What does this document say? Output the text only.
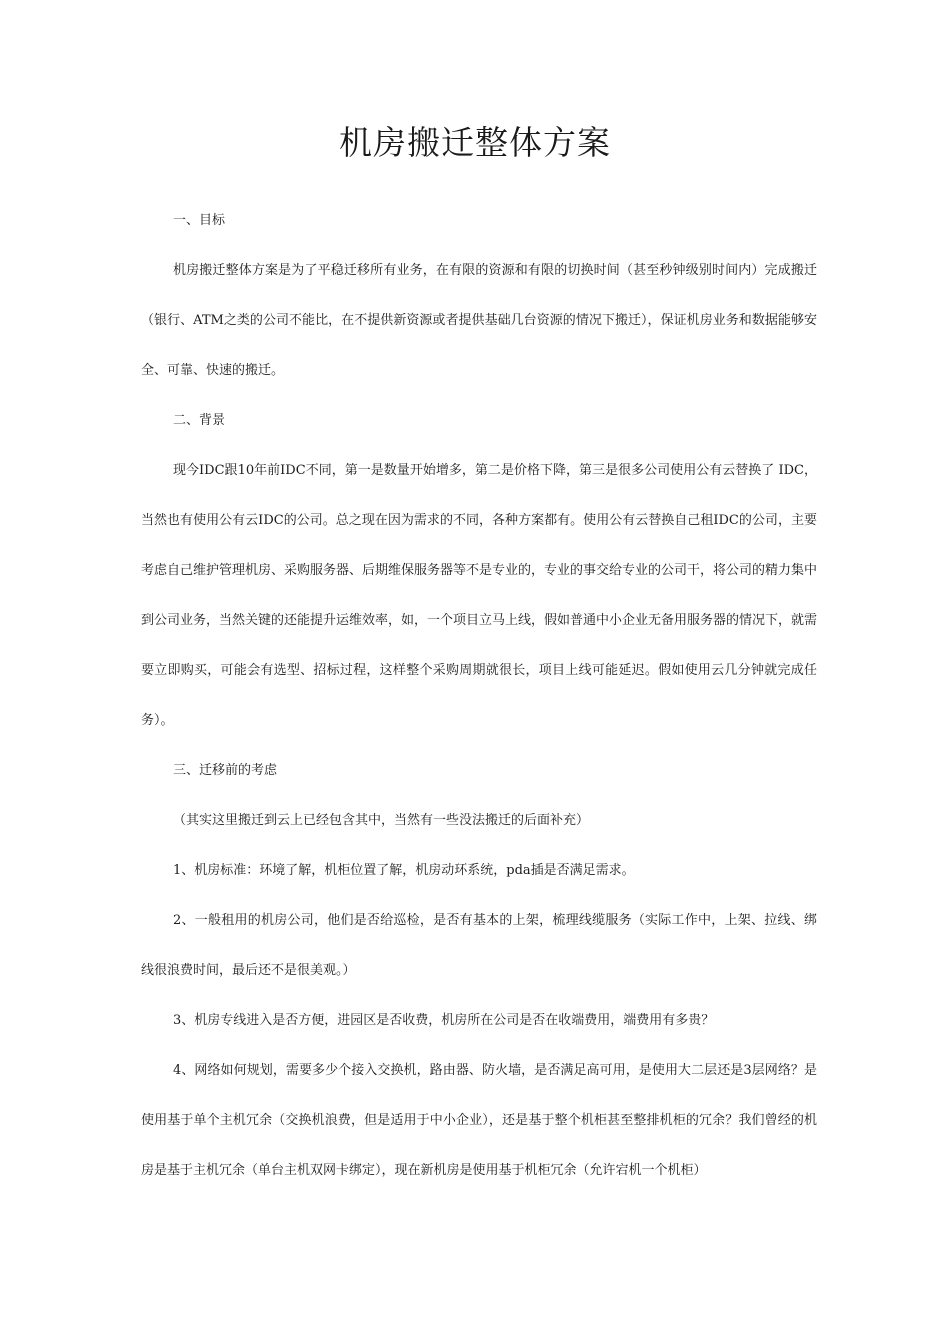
机房搬迁整体方案

一、目标

机房搬迁整体方案是为了平稳迁移所有业务，在有限的资源和有限的切换时间（甚至秒钟级别时间内）完成搬迁（银行、ATM之类的公司不能比，在不提供新资源或者提供基础几台资源的情况下搬迁），保证机房业务和数据能够安全、可靠、快速的搬迁。

二、背景

现今IDC跟10年前IDC不同，第一是数量开始增多，第二是价格下降，第三是很多公司使用公有云替换了 IDC，当然也有使用公有云IDC的公司。总之现在因为需求的不同，各种方案都有。使用公有云替换自己租IDC的公司，主要考虑自己维护管理机房、采购服务器、后期维保服务器等不是专业的，专业的事交给专业的公司干，将公司的精力集中到公司业务，当然关键的还能提升运维效率，如，一个项目立马上线，假如普通中小企业无备用服务器的情况下，就需要立即购买，可能会有选型、招标过程，这样整个采购周期就很长，项目上线可能延迟。假如使用云几分钟就完成任务）。

三、迁移前的考虑

（其实这里搬迁到云上已经包含其中，当然有一些没法搬迁的后面补充）

1、机房标准：环境了解，机柜位置了解，机房动环系统，pda插是否满足需求。

2、一般租用的机房公司，他们是否给巡检，是否有基本的上架，梳理线缆服务（实际工作中，上架、拉线、绑线很浪费时间，最后还不是很美观。）

3、机房专线进入是否方便，进园区是否收费，机房所在公司是否在收端费用，端费用有多贵？

4、网络如何规划，需要多少个接入交换机，路由器、防火墙，是否满足高可用，是使用大二层还是3层网络？是使用基于单个主机冗余（交换机浪费，但是适用于中小企业），还是基于整个机柜甚至整排机柜的冗余？我们曾经的机房是基于主机冗余（单台主机双网卡绑定），现在新机房是使用基于机柜冗余（允许宕机一个机柜）
